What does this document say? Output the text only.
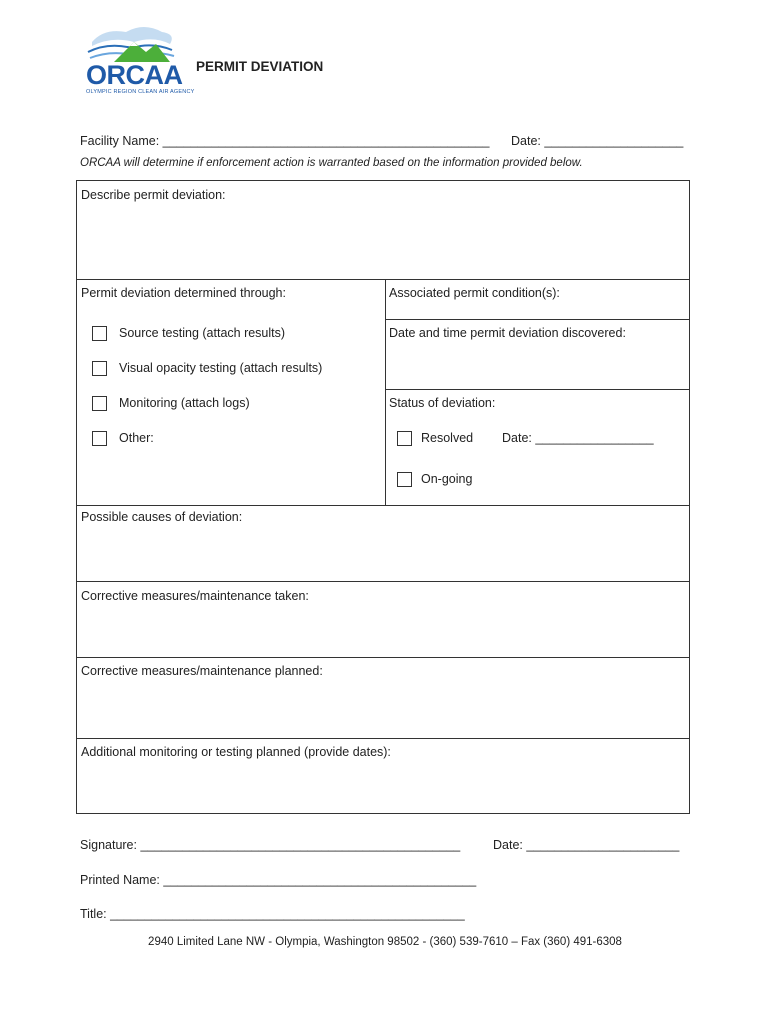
ORCAA
OLYMPIC REGION CLEAN AIR AGENCY
PERMIT DEVIATION
Facility Name: _______________________________________________ Date: ____________________
ORCAA will determine if enforcement action is warranted based on the information provided below.
Describe permit deviation:
Permit deviation determined through:
Source testing (attach results)
Visual opacity testing (attach results)
Monitoring (attach logs)
Other:
Associated permit condition(s):
Date and time permit deviation discovered:
Status of deviation:
Resolved Date: _________________
On-going
Possible causes of deviation:
Corrective measures/maintenance taken:
Corrective measures/maintenance planned:
Additional monitoring or testing planned (provide dates):
Signature: ______________________________________________	Date: ______________________
Printed Name: _____________________________________________
Title: ___________________________________________________
2940 Limited Lane NW - Olympia, Washington 98502 - (360) 539-7610 – Fax (360) 491-6308
